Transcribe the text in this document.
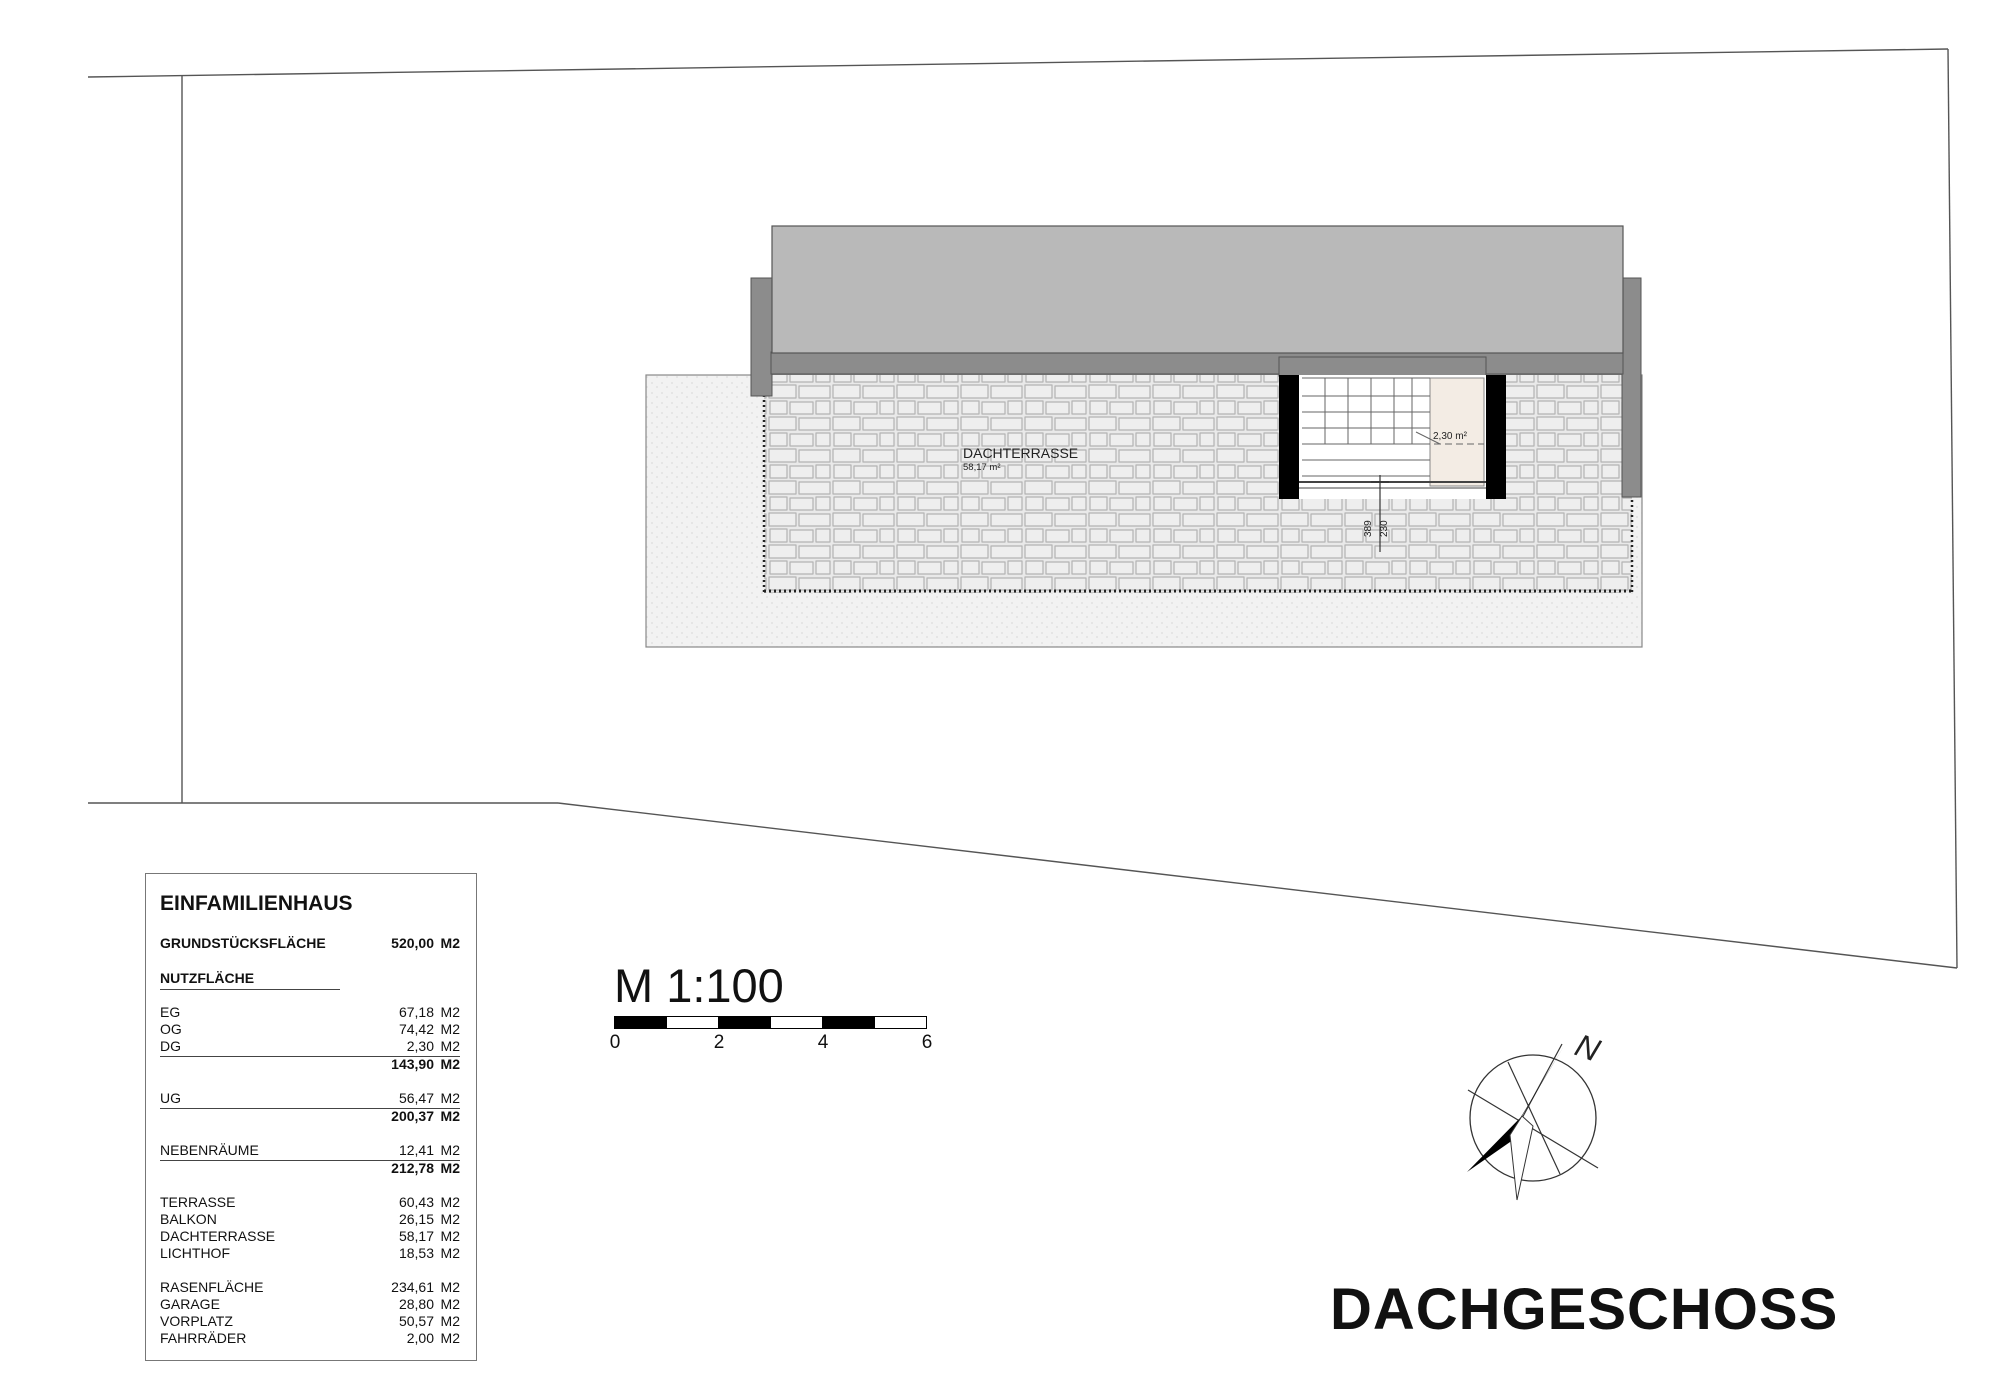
DACHTERRASSE
58,17 m²
2,30 m²
389 230
N
EINFAMILIENHAUS
GRUNDSTÜCKSFLÄCHE	520,00 M2
NUTZFLÄCHE
EG	67,18 M2
OG	74,42 M2
DG	2,30 M2
143,90 M2
UG	56,47 M2
200,37 M2
NEBENRÄUME	12,41 M2
212,78 M2
TERRASSE	60,43 M2
BALKON	26,15 M2
DACHTERRASSE	58,17 M2
LICHTHOF	18,53 M2
RASENFLÄCHE	234,61 M2
GARAGE	28,80 M2
VORPLATZ	50,57 M2
FAHRRÄDER	2,00 M2
M 1:100
0	2	4	6
DACHGESCHOSS
